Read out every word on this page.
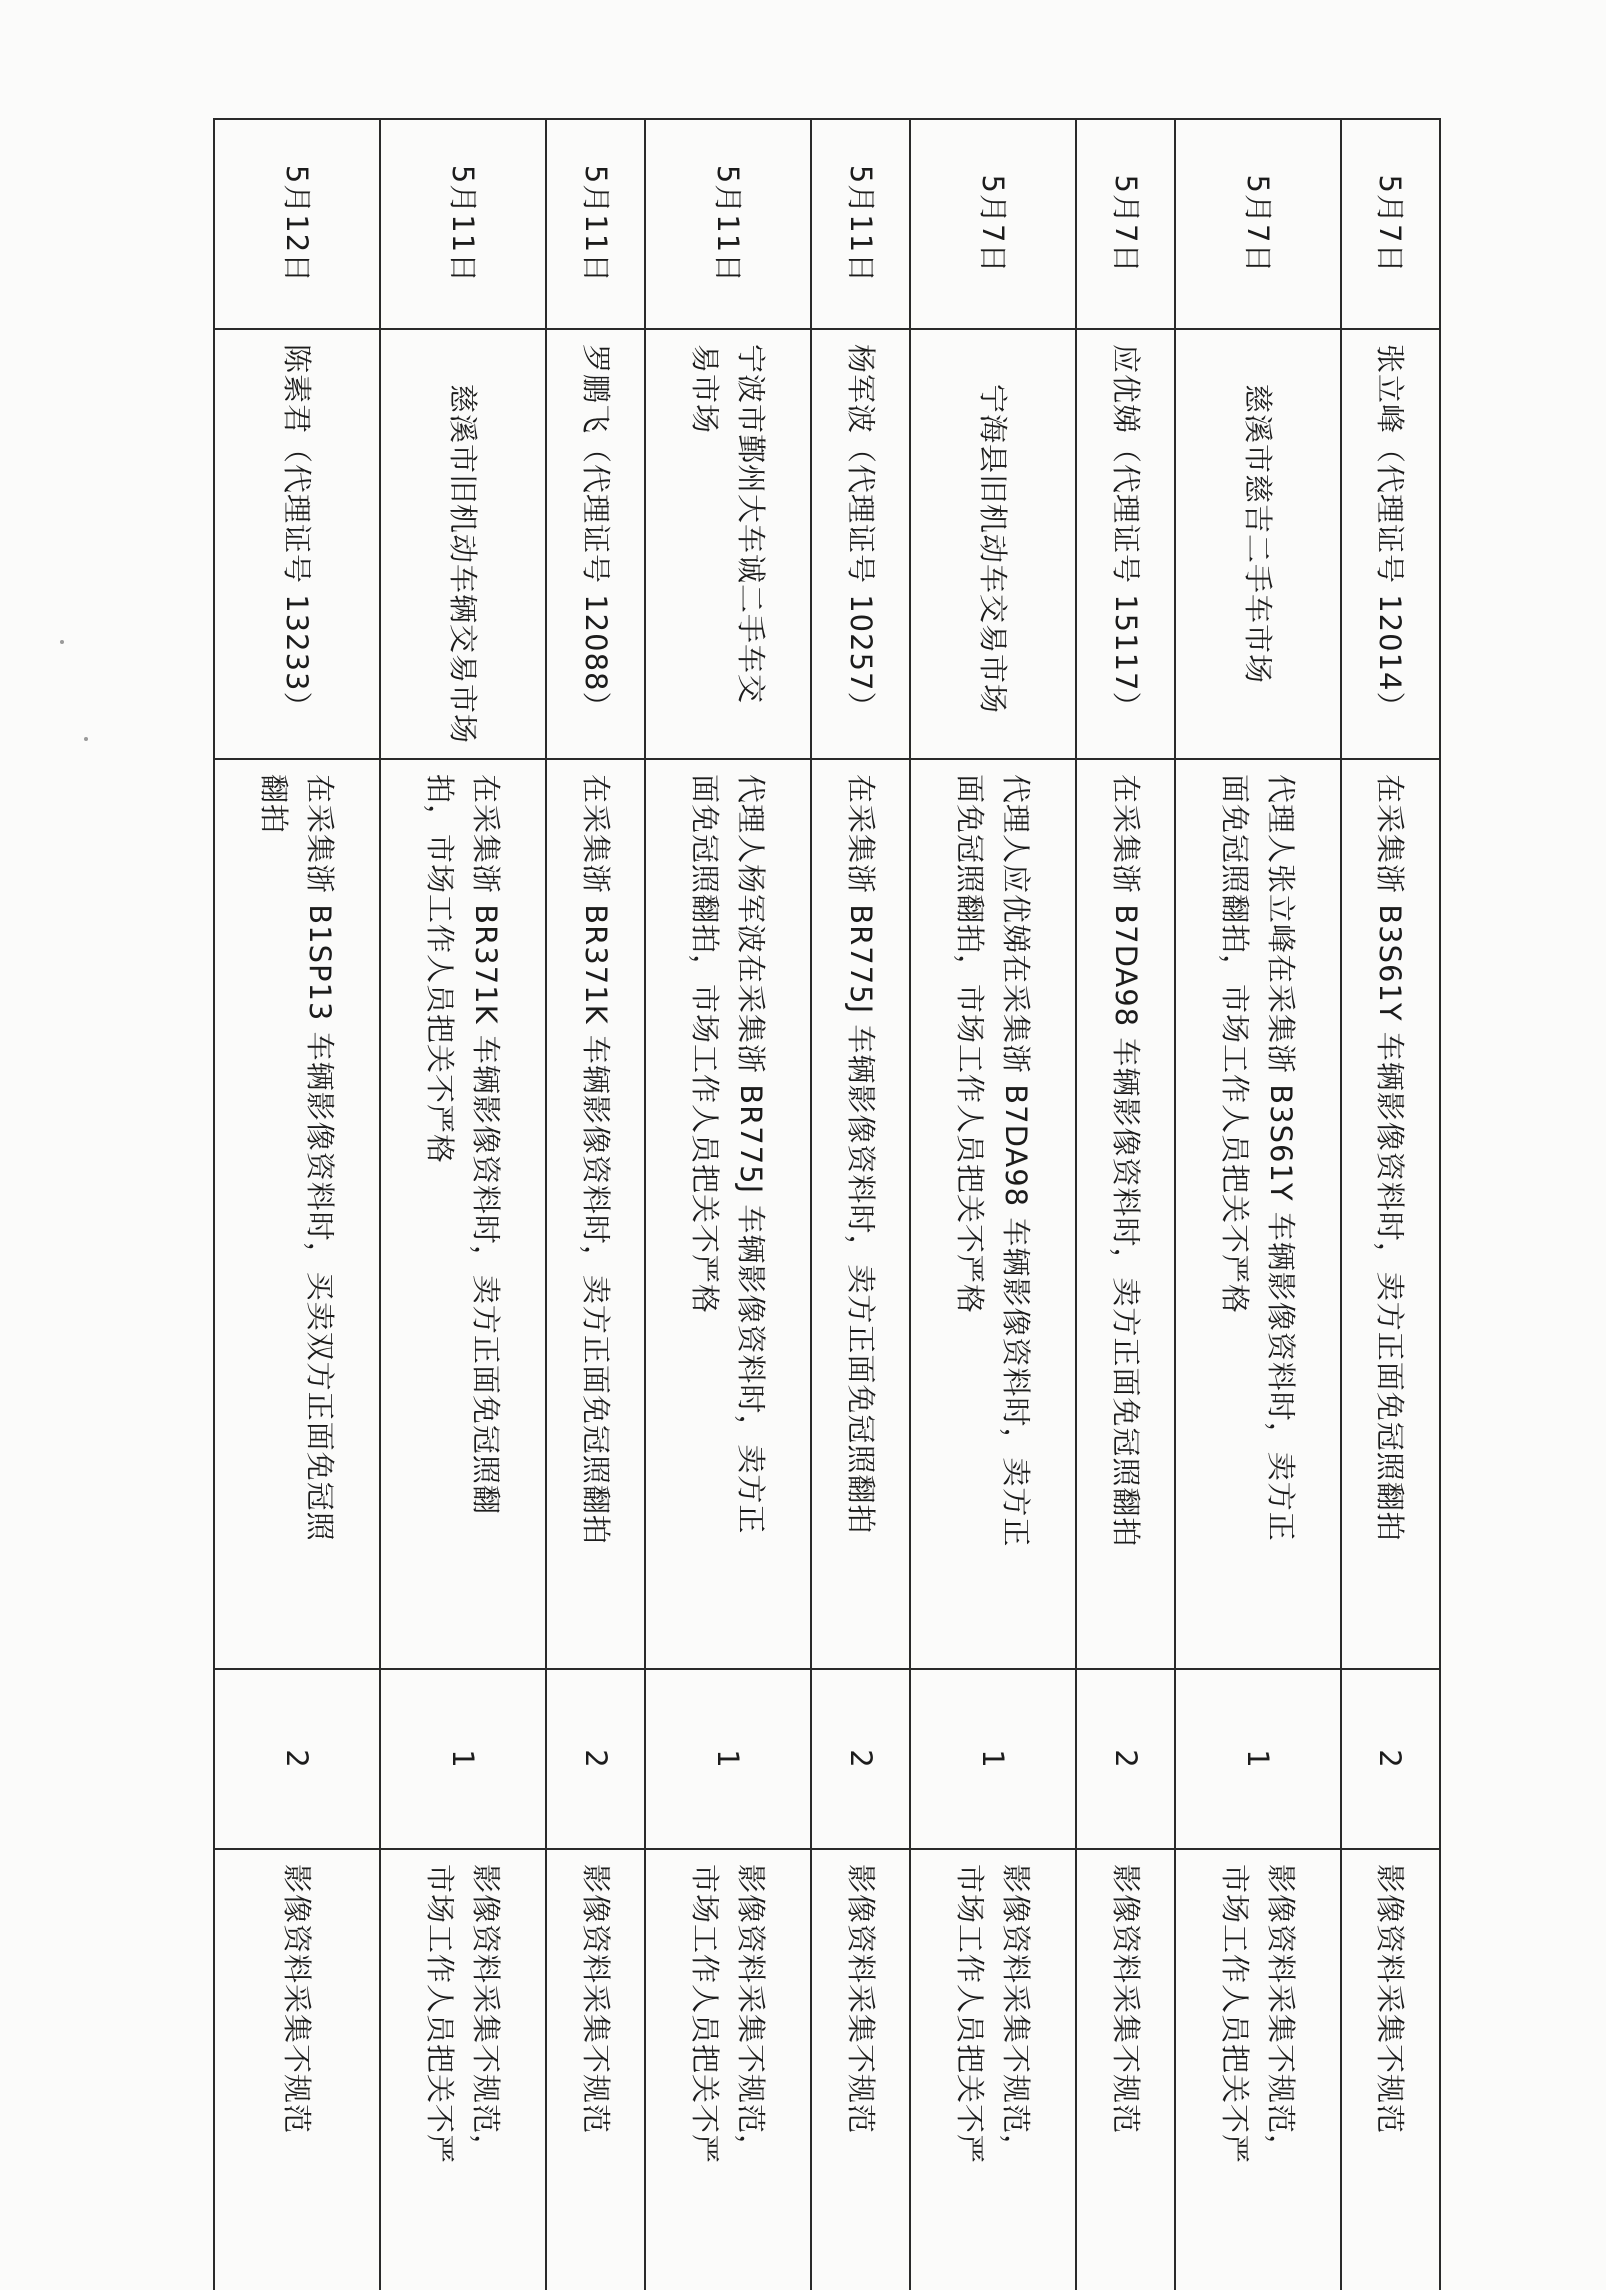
5月7日	张立峰（代理证号 12014）	在采集浙 B3S61Y 车辆影像资料时，卖方正面免冠照翻拍	2	影像资料采集不规范

5月7日	慈溪市慈吉二手车市场	代理人张立峰在采集浙 B3S61Y 车辆影像资料时，卖方正
面免冠照翻拍，市场工作人员把关不严格	1	影像资料采集不规范，
市场工作人员把关不严

5月7日	应优娣（代理证号 15117）	在采集浙 B7DA98 车辆影像资料时，卖方正面免冠照翻拍	2	影像资料采集不规范

5月7日	宁海县旧机动车交易市场	代理人应优娣在采集浙 B7DA98 车辆影像资料时，卖方正
面免冠照翻拍，市场工作人员把关不严格	1	影像资料采集不规范，
市场工作人员把关不严

5月11日	杨军波（代理证号 10257）	在采集浙 BR775J 车辆影像资料时，卖方正面免冠照翻拍	2	影像资料采集不规范

5月11日	宁波市鄞州大车诚二手车交
易市场	代理人杨军波在采集浙 BR775J 车辆影像资料时，卖方正
面免冠照翻拍，市场工作人员把关不严格	1	影像资料采集不规范，
市场工作人员把关不严

5月11日	罗鹏飞（代理证号 12088）	在采集浙 BR371K 车辆影像资料时，卖方正面免冠照翻拍	2	影像资料采集不规范

5月11日	慈溪市旧机动车辆交易市场	在采集浙 BR371K 车辆影像资料时，卖方正面免冠照翻
拍，市场工作人员把关不严格	1	影像资料采集不规范，
市场工作人员把关不严

5月12日	陈素君（代理证号 13233）	在采集浙 B1SP13 车辆影像资料时，买卖双方正面免冠照
翻拍	2	影像资料采集不规范
